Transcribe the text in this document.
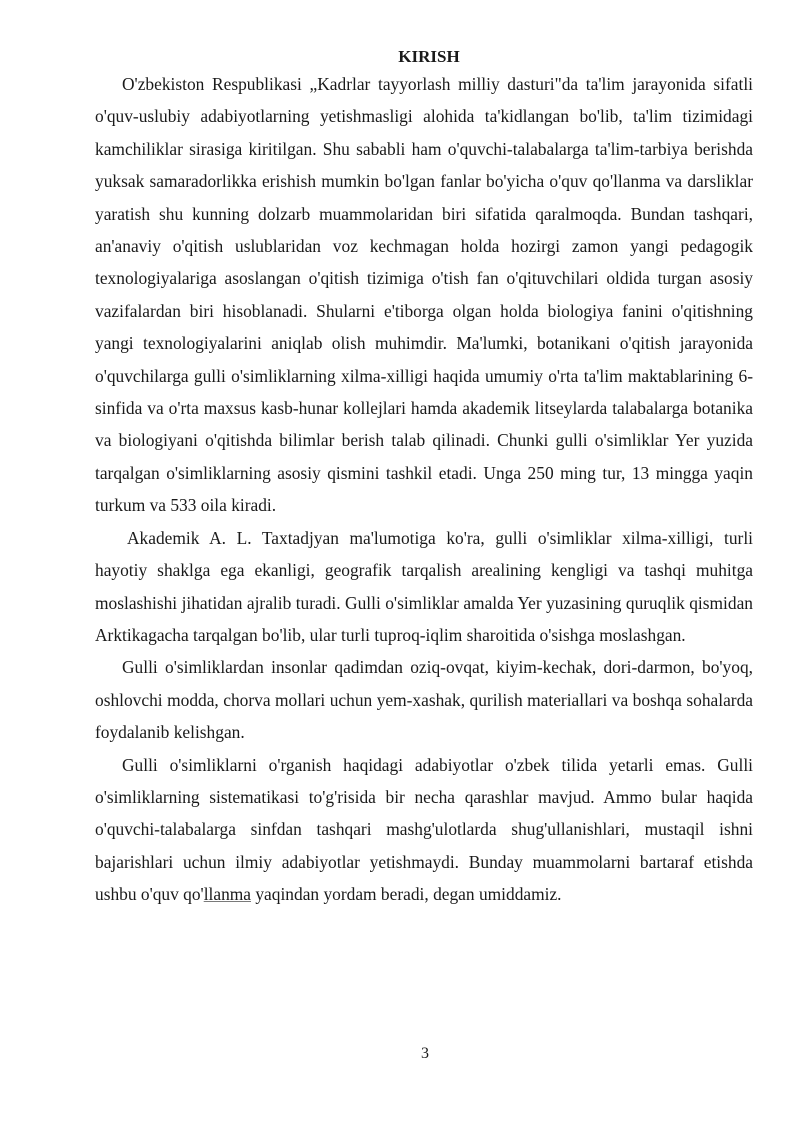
KIRISH

O'zbekiston Respublikasi „Kadrlar tayyorlash milliy dasturi"da ta'lim jarayonida sifatli o'quv-uslubiy adabiyotlarning yetishmasligi alohida ta'kidlangan bo'lib, ta'lim tizimidagi kamchiliklar sirasiga kiritilgan. Shu sababli ham o'quvchi-talabalarga ta'lim-tarbiya berishda yuksak samaradorlikka erishish mumkin bo'lgan fanlar bo'yicha o'quv qo'llanma va darsliklar yaratish shu kunning dolzarb muammolaridan biri sifatida qaralmoqda. Bundan tashqari, an'anaviy o'qitish uslublaridan voz kechmagan holda hozirgi zamon yangi pedagogik texnologiyalariga asoslangan o'qitish tizimiga o'tish fan o'qituvchilari oldida turgan asosiy vazifalardan biri hisoblanadi. Shularni e'tiborga olgan holda biologiya fanini o'qitishning yangi texnologiyalarini aniqlab olish muhimdir. Ma'lumki, botanikani o'qitish jarayonida o'quvchilarga gulli o'simliklarning xilma-xilligi haqida umumiy o'rta ta'lim maktablarining 6-sinfida va o'rta maxsus kasb-hunar kollejlari hamda akademik litseylarda talabalarga botanika va biologiyani o'qitishda bilimlar berish talab qilinadi. Chunki gulli o'simliklar Yer yuzida tarqalgan o'simliklarning asosiy qismini tashkil etadi. Unga 250 ming tur, 13 mingga yaqin turkum va 533 oila kiradi.

Akademik A. L. Taxtadjyan ma'lumotiga ko'ra, gulli o'simliklar xilma-xilligi, turli hayotiy shaklga ega ekanligi, geografik tarqalish arealining kengligi va tashqi muhitga moslashishi jihatidan ajralib turadi. Gulli o'simliklar amalda Yer yuzasining quruqlik qismidan Arktikagacha tarqalgan bo'lib, ular turli tuproq-iqlim sharoitida o'sishga moslashgan.

Gulli o'simliklardan insonlar qadimdan oziq-ovqat, kiyim-kechak, dori-darmon, bo'yoq, oshlovchi modda, chorva mollari uchun yem-xashak, qurilish materiallari va boshqa sohalarda foydalanib kelishgan.

Gulli o'simliklarni o'rganish haqidagi adabiyotlar o'zbek tilida yetarli emas. Gulli o'simliklarning sistematikasi to'g'risida bir necha qarashlar mavjud. Ammo bular haqida o'quvchi-talabalarga sinfdan tashqari mashg'ulotlarda shug'ullanishlari, mustaqil ishni bajarishlari uchun ilmiy adabiyotlar yetishmaydi. Bunday muammolarni bartaraf etishda ushbu o'quv qo'llanma yaqindan yordam beradi, degan umiddamiz.

3
